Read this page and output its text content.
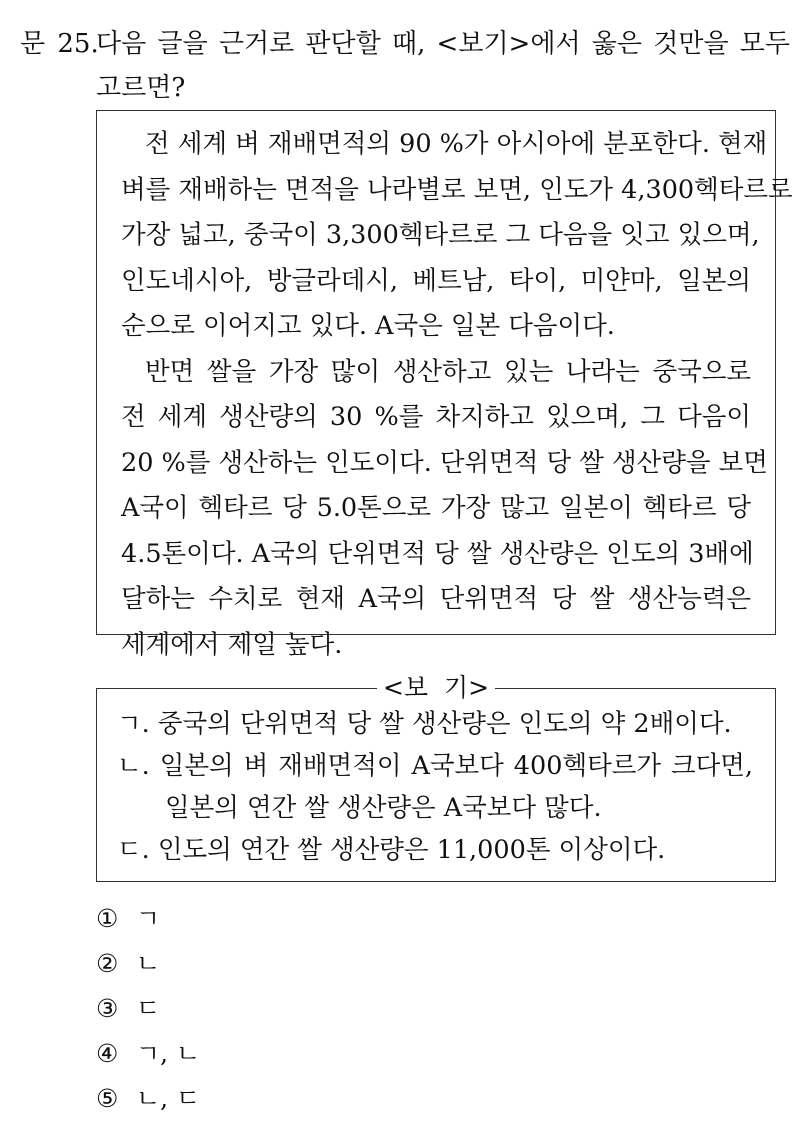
문 25.
다음 글을 근거로 판단할 때, <보기>에서 옳은 것만을 모두
고르면?
전 세계 벼 재배면적의 90 %가 아시아에 분포한다. 현재
벼를 재배하는 면적을 나라별로 보면, 인도가 4,300헥타르로
가장 넓고, 중국이 3,300헥타르로 그 다음을 잇고 있으며,
인도네시아, 방글라데시, 베트남, 타이, 미얀마, 일본의
순으로 이어지고 있다. A국은 일본 다음이다.
반면 쌀을 가장 많이 생산하고 있는 나라는 중국으로
전 세계 생산량의 30 %를 차지하고 있으며, 그 다음이
20 %를 생산하는 인도이다. 단위면적 당 쌀 생산량을 보면
A국이 헥타르 당 5.0톤으로 가장 많고 일본이 헥타르 당
4.5톤이다. A국의 단위면적 당 쌀 생산량은 인도의 3배에
달하는 수치로 현재 A국의 단위면적 당 쌀 생산능력은
세계에서 제일 높다.
<보  기>
ㄱ. 중국의 단위면적 당 쌀 생산량은 인도의 약 2배이다.
ㄴ. 일본의 벼 재배면적이 A국보다 400헥타르가 크다면,
일본의 연간 쌀 생산량은 A국보다 많다.
ㄷ. 인도의 연간 쌀 생산량은 11,000톤 이상이다.
① ㄱ
② ㄴ
③ ㄷ
④ ㄱ, ㄴ
⑤ ㄴ, ㄷ
